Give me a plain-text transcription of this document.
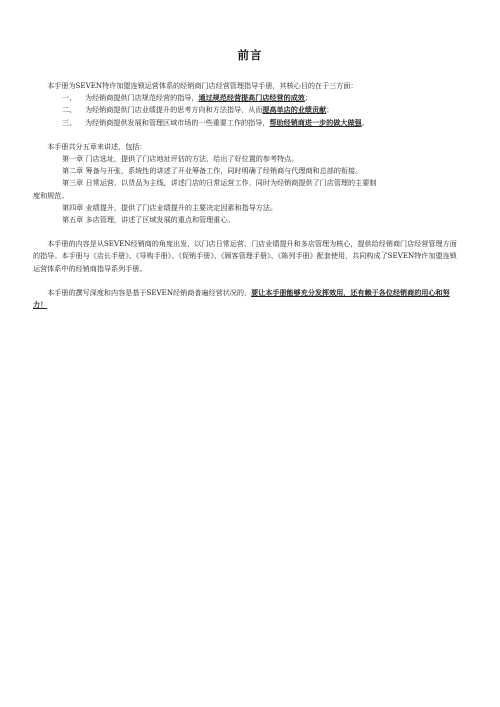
前言

本手册为SEVEN特许加盟连锁运营体系的经销商门店经营管理指导手册，其核心目的在于三方面：

一、	为经销商提供门店规范经营的指导，通过规范经营提高门店经营的成效；
二、	为经销商提供门店业绩提升的思考方向和方法指导，从而提高单店的业绩贡献；
三、	为经销商提供发展和管理区域市场的一些重要工作的指导，帮助经销商进一步的做大做强。

本手册共分五章来讲述，包括：

第一章 门店选址，提供了门店地址评估的方法，给出了好位置的参考特点。
第二章 筹备与开张，系统性的讲述了开业筹备工作，同时明确了经销商与代理商和总部的衔接。
第三章 日常运营，以货品为主线，讲述门店的日常运营工作，同时为经销商提供了门店管理的主要制
度和规范。
第四章 业绩提升，提供了门店业绩提升的主要决定因素和指导方法。
第五章 多店管理，讲述了区域发展的重点和管理重心。

本手册的内容是从SEVEN经销商的角度出发，以门店日常运营、门店业绩提升和多店管理为核心，提供给经销商门店经营管理方面的指导。本手册与《店长手册》、《导购手册》、《促销手册》、《顾客管理手册》、《陈列手册》配套使用，共同构成了SEVEN特许加盟连锁运营体系中的经销商指导系列手册。

本手册的撰写深度和内容是基于SEVEN经销商普遍经营状况的，要让本手册能够充分发挥效用，还有赖于各位经销商的用心和努力！
